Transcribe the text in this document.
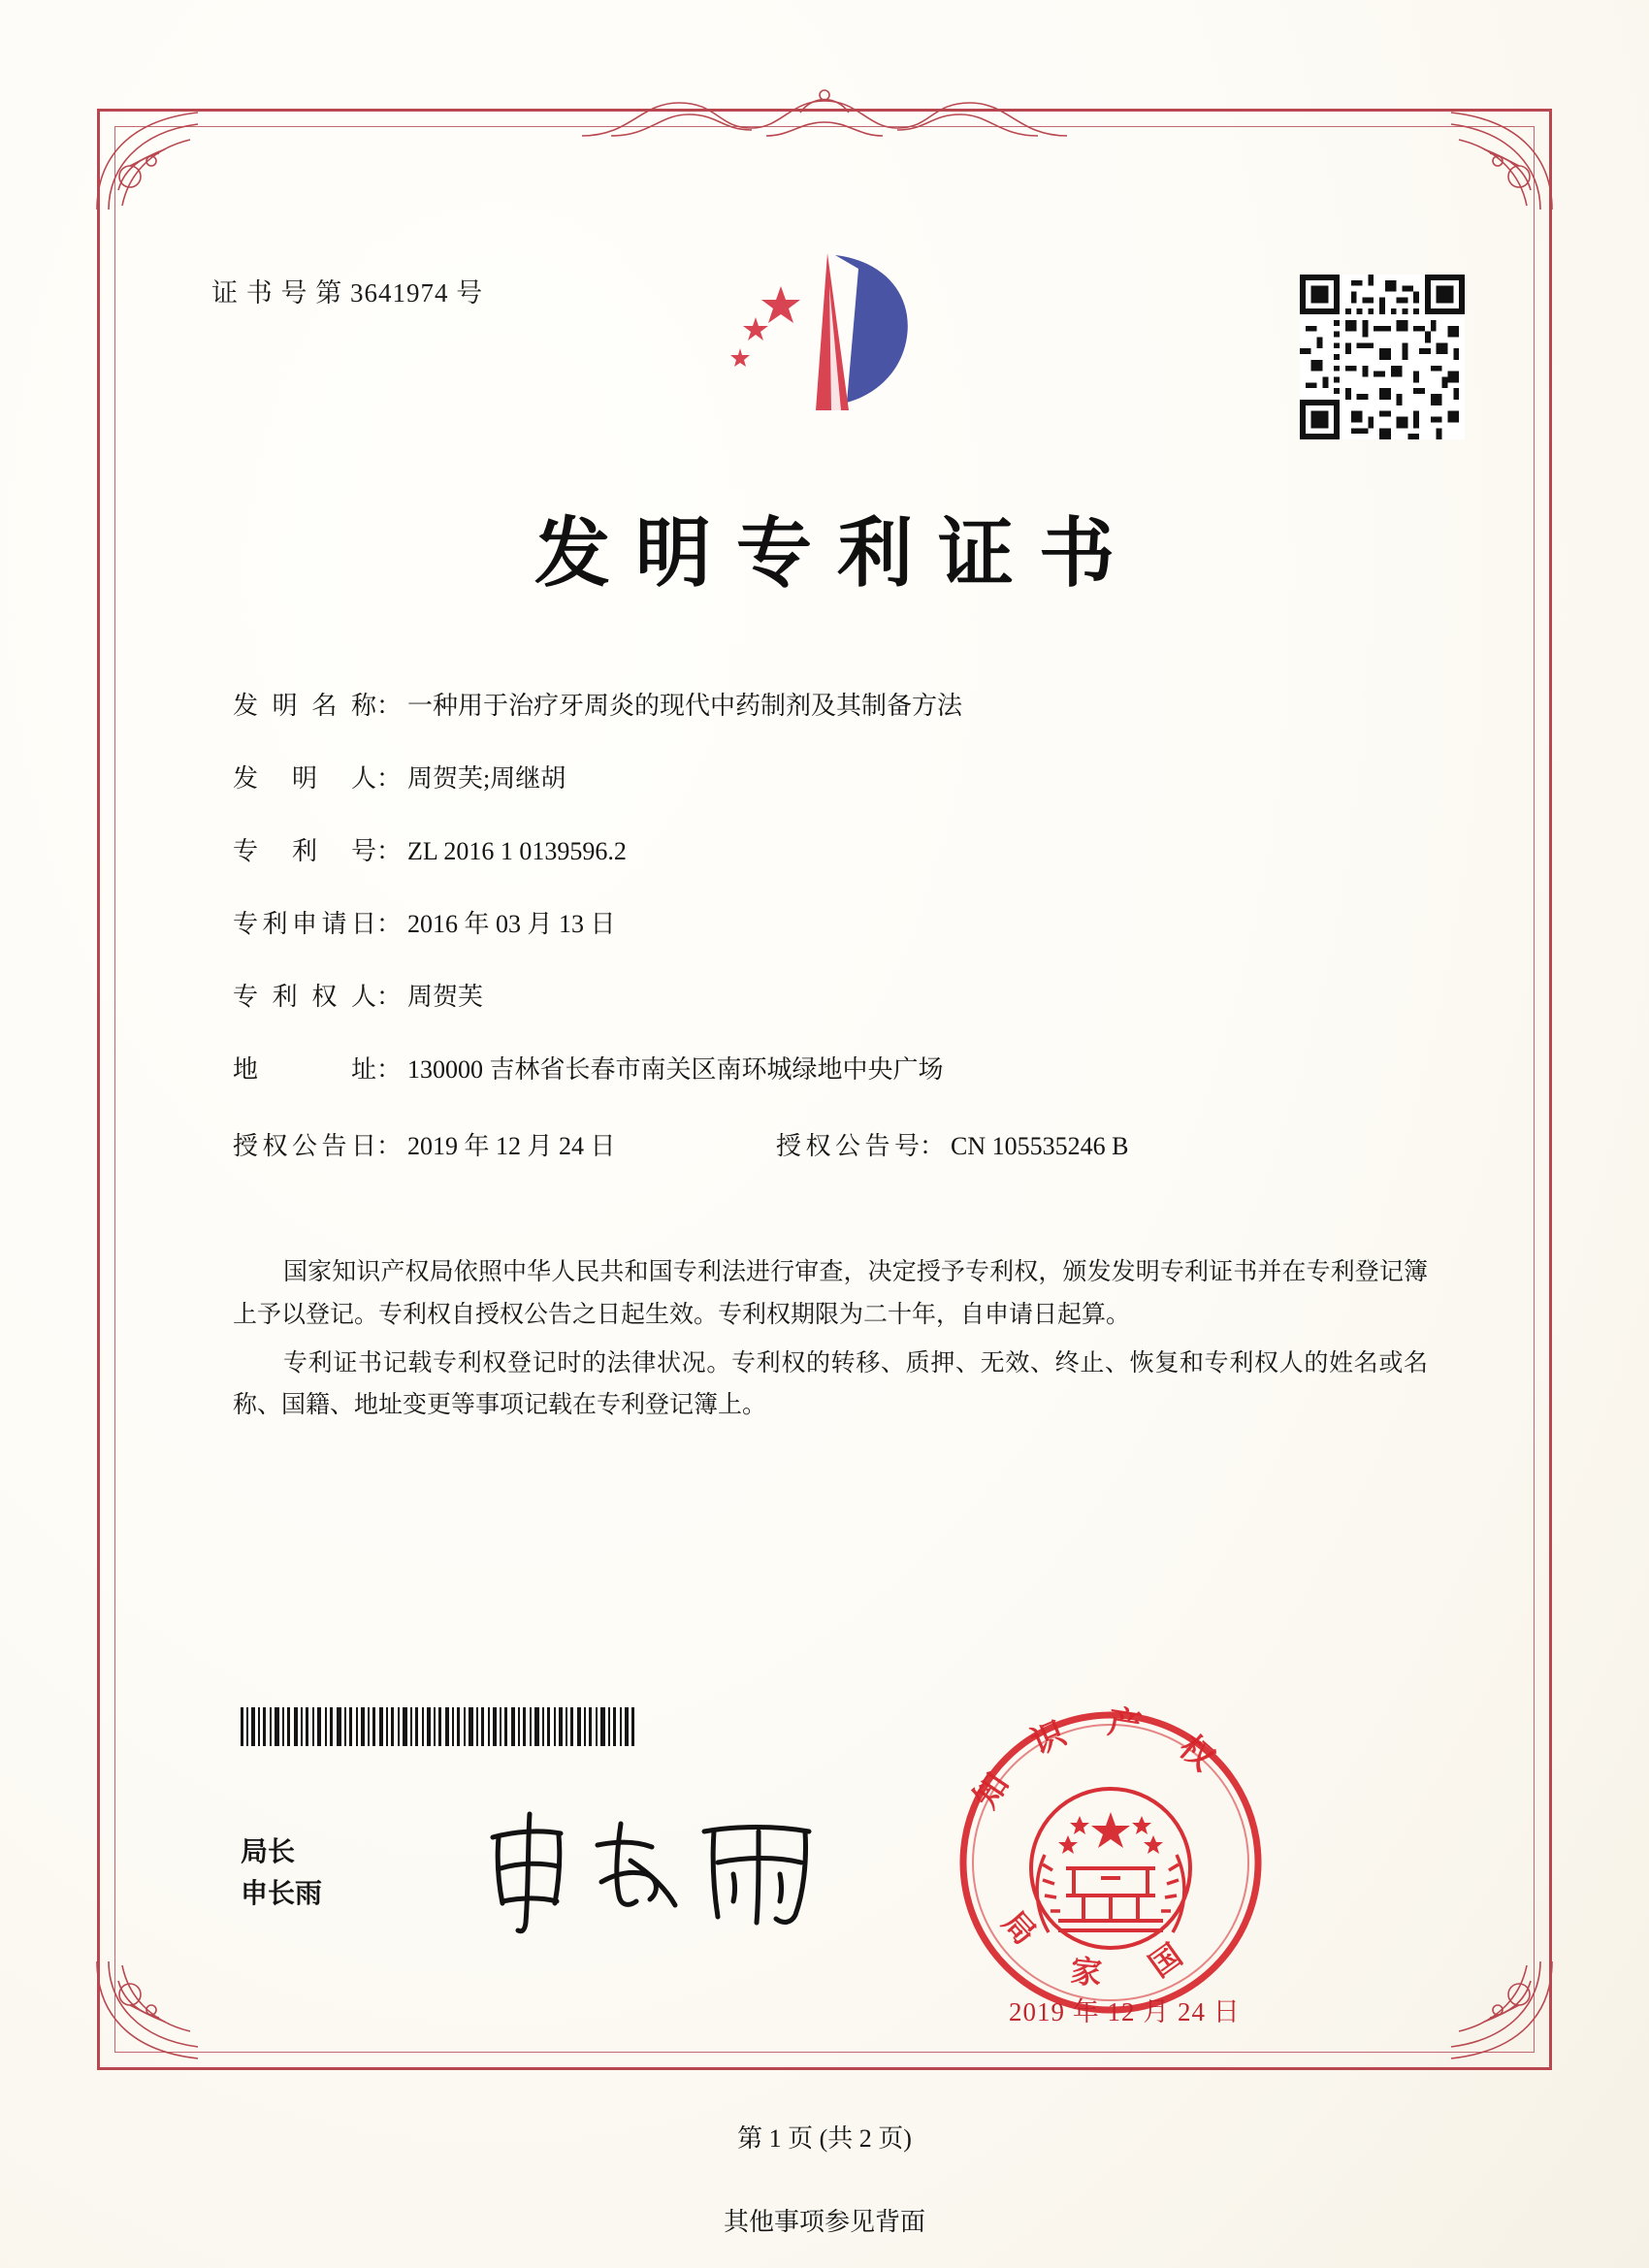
证 书 号 第 3641974 号
发明专利证书
发 明 名 称 ： 一种用于治疗牙周炎的现代中药制剂及其制备方法
发 明 人 ： 周贺芙;周继胡
专 利 号 ： ZL 2016 1 0139596.2
专 利 申 请 日 ： 2016 年 03 月 13 日
专 利 权 人 ： 周贺芙
地	址 ： 130000 吉林省长春市南关区南环城绿地中央广场
授 权 公 告 日 ： 2019 年 12 月 24 日	授 权 公 告 号 ： CN 105535246 B

国家知识产权局依照中华人民共和国专利法进行审查，决定授予专利权，颁发发明专利证书并在专利登记簿上予以登记。专利权自授权公告之日起生效。专利权期限为二十年，自申请日起算。

专利证书记载专利权登记时的法律状况。专利权的转移、质押、无效、终止、恢复和专利权人的姓名或名称、国籍、地址变更等事项记载在专利登记簿上。

局长
申长雨
知 识 产 权
局 家 国
2019 年 12 月 24 日
第 1 页 (共 2 页)
其他事项参见背面
